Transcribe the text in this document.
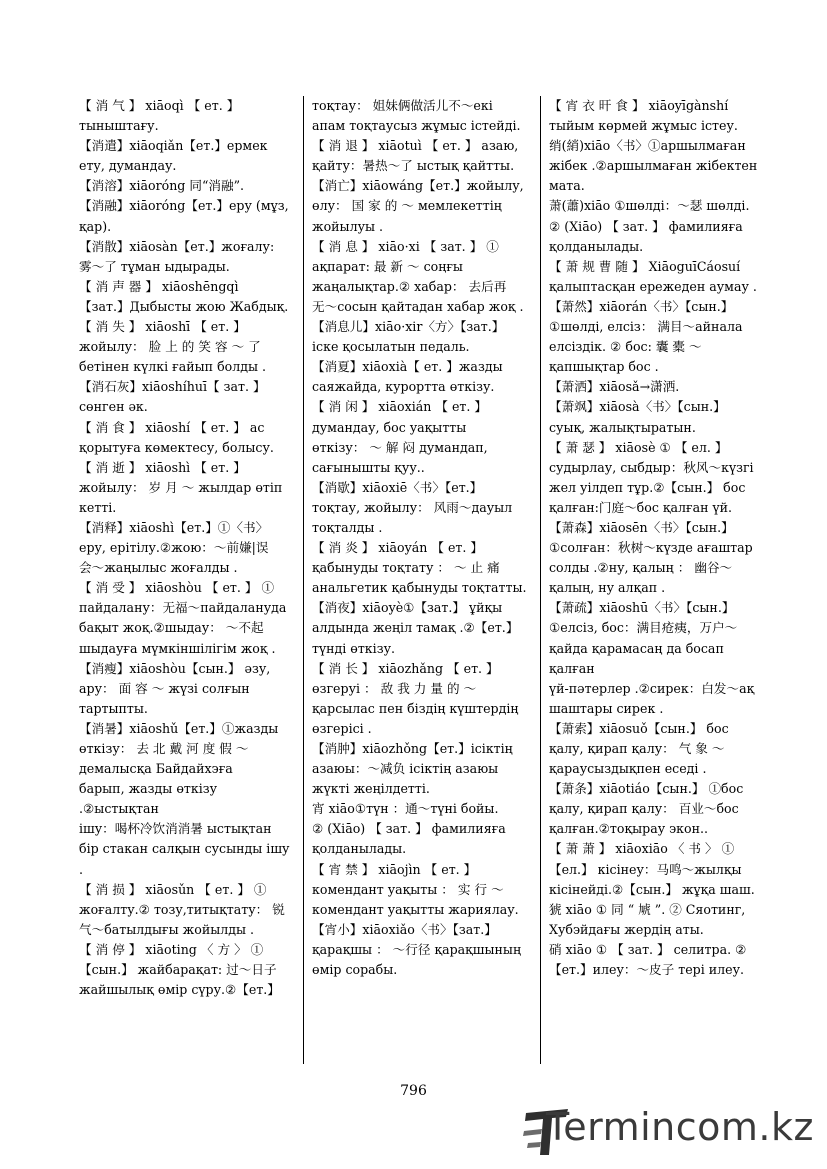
【 消 气 】 xiāoqì 【 ет. 】

тыныштағу.

【消遣】xiāoqiǎn【ет.】ермек

ету, думандау.

【消溶】xiāoróng 同“消融”.

【消融】xiāoróng【ет.】еру (мұз,

қар).

【消散】xiāosàn【ет.】жоғалу:

雾～了 тұман ыдырады.

【 消 声 器 】 xiāoshēngqì

【зат.】Дыбысты жою Жабдық.

【 消 失 】 xiāoshī 【 ет. 】

жойылу： 脸 上 的 笑 容 ～ 了

бетінен күлкі ғайып болды .

【消石灰】xiāoshíhuī【 зат. 】

сөнген әк.

【 消 食 】 xiāoshí 【 ет. 】 ас

қорытуға көмектесу, болысу.

【 消 逝 】 xiāoshì 【 ет. 】

жойылу： 岁 月 ～ жылдар өтіп

кетті.

【消释】xiāoshì【ет.】①〈书〉

еру, ерітілу.②жою：～前嫌|误

会～жаңылыс жоғалды .

【 消 受 】 xiāoshòu 【 ет. 】 ①

пайдалану：无福～пайдалануда

бақыт жоқ.②шыдау： ～不起

шыдауға мүмкіншілігім жоқ .

【消瘦】xiāoshòu【сын.】 әзу,

ару： 面 容 ～ жүзі солғын

тартыпты.

【消暑】xiāoshǔ【ет.】①жазды

өткізу： 去 北 戴 河 度 假 ～

демалысқа Байдайхэға

барып, жазды өткізу .②ыстықтан

ішу：喝杯冷饮消消暑 ыстықтан

бір стакан салқын сусынды ішу .

【 消 损 】 xiāosǔn 【 ет. 】 ①

жоғалту.② тозу,титықтату： 锐

气～батылдығы жойылды .

【 消 停 】 xiāoting 〈 方 〉 ①

【сын.】 жайбарақат: 过～日子

жайшылық өмір сүру.②【ет.】

тоқтау： 姐妹俩做活儿不～екі

апам тоқтаусыз жұмыс істейді.

【 消 退 】 xiāotuì 【 ет. 】 азаю,

қайту：暑热～了 ыстық қайтты.

【消亡】xiāowáng【ет.】жойылу,

өлу： 国 家 的 ～ мемлекеттің

жойылуы .

【 消 息 】 xiāo·xi 【 зат. 】 ①

ақпарат: 最 新 ～ соңғы

жаңалықтар.② хабар： 去后再

无～сосын қайтадан хабар жоқ .

【消息儿】xiāo·xir〈方〉【зат.】

іске қосылатын педаль.

【消夏】xiāoxià【 ет. 】жазды

саяжайда, курортта өткізу.

【 消 闲 】 xiāoxián 【 ет. 】

думандау, бос уақытты

өткізу： ～ 解 闷 думандап,

сағынышты қуу..

【消歇】xiāoxiē〈书〉【ет.】

тоқтау, жойылу： 风雨～дауыл

тоқталды .

【 消 炎 】 xiāoyán 【 ет. 】

қабынуды тоқтату ： ～ 止 痛

анальгетик қабынуды тоқтатты.

【消夜】xiāoyè①【зат.】 ұйқы

алдында жеңіл тамақ .②【ет.】

түнді өткізу.

【 消 长 】 xiāozhǎng 【 ет. 】

өзгеруі ： 敌 我 力 量 的 ～

қарсылас пен біздің күштердің

өзгерісі .

【消肿】xiāozhǒng【ет.】ісіктің

азаюы：～减负 ісіктің азаюы

жүкті жеңілдетті.

宵 xiāo①түн ：通～түні бойы.

② (Xiāo) 【 зат. 】 фамилияға

қолданылады.

【 宵 禁 】 xiāojìn 【 ет. 】

комендант уақыты ： 实 行 ～

комендант уақытты жариялау.

【宵小】xiāoxiǎo〈书〉【зат.】

қарақшы ： ～行径 қарақшының

өмір сорабы.

【 宵 衣 旰 食 】 xiāoyīgànshí

тыйым көрмей жұмыс істеу.

绡(綃)xiāo〈书〉①аршылмаған

жібек .②аршылмаған жібектен

мата.

萧(蕭)xiāo ①шөлді：～瑟 шөлді.

② (Xiāo) 【 зат. 】 фамилияға

қолданылады.

【 萧 规 曹 随 】 XiāoguīCáosuí

қалыптасқан ережеден аумау .

【萧然】xiāorán〈书〉【сын.】

①шөлді, елсіз： 满目～айнала

елсіздік. ② бос: 囊 橐 ～

қапшықтар бос .

【萧洒】xiāosǎ→潇洒.

【萧飒】xiāosà〈书〉【сын.】

суық, жалықтыратын.

【 萧 瑟 】 xiāosè ① 【 ел. 】

судырлау, сыбдыр：秋风～күзгі

жел уілдеп тұр.②【сын.】 бос

қалған:门庭～бос қалған үй.

【萧森】xiāosēn〈书〉【сын.】

①солған：秋树～күзде ағаштар

солды .②ну, қалың ： 幽谷～

қалың, ну алқап .

【萧疏】xiāoshū〈书〉【сын.】

①елсіз, бос：满目疮痍，万户～

қайда қарамасаң да босап қалған

үй-пәтерлер .②сирек：白发～ақ

шаштары сирек .

【萧索】xiāosuǒ【сын.】 бос

қалу, қирап қалу： 气 象 ～

қараусыздықпен еседі .

【萧条】xiāotiáo【сын.】 ①бос

қалу, қирап қалу： 百业～бос

қалған.②тоқырау экон..

【 萧 萧 】 xiāoxiāo 〈 书 〉 ①

【ел.】 кісінеу：马鸣～жылқы

кісінейді.②【сын.】 жұқа шаш.

猇 xiāo ① 同 “ 虓 ”. ② Сяотинг,

Хубэйдағы жердің аты.

硝 xiāo ① 【 зат. 】 селитра. ②

【ет.】илеу：～皮子 тері илеу.

796
Termincom.kz
